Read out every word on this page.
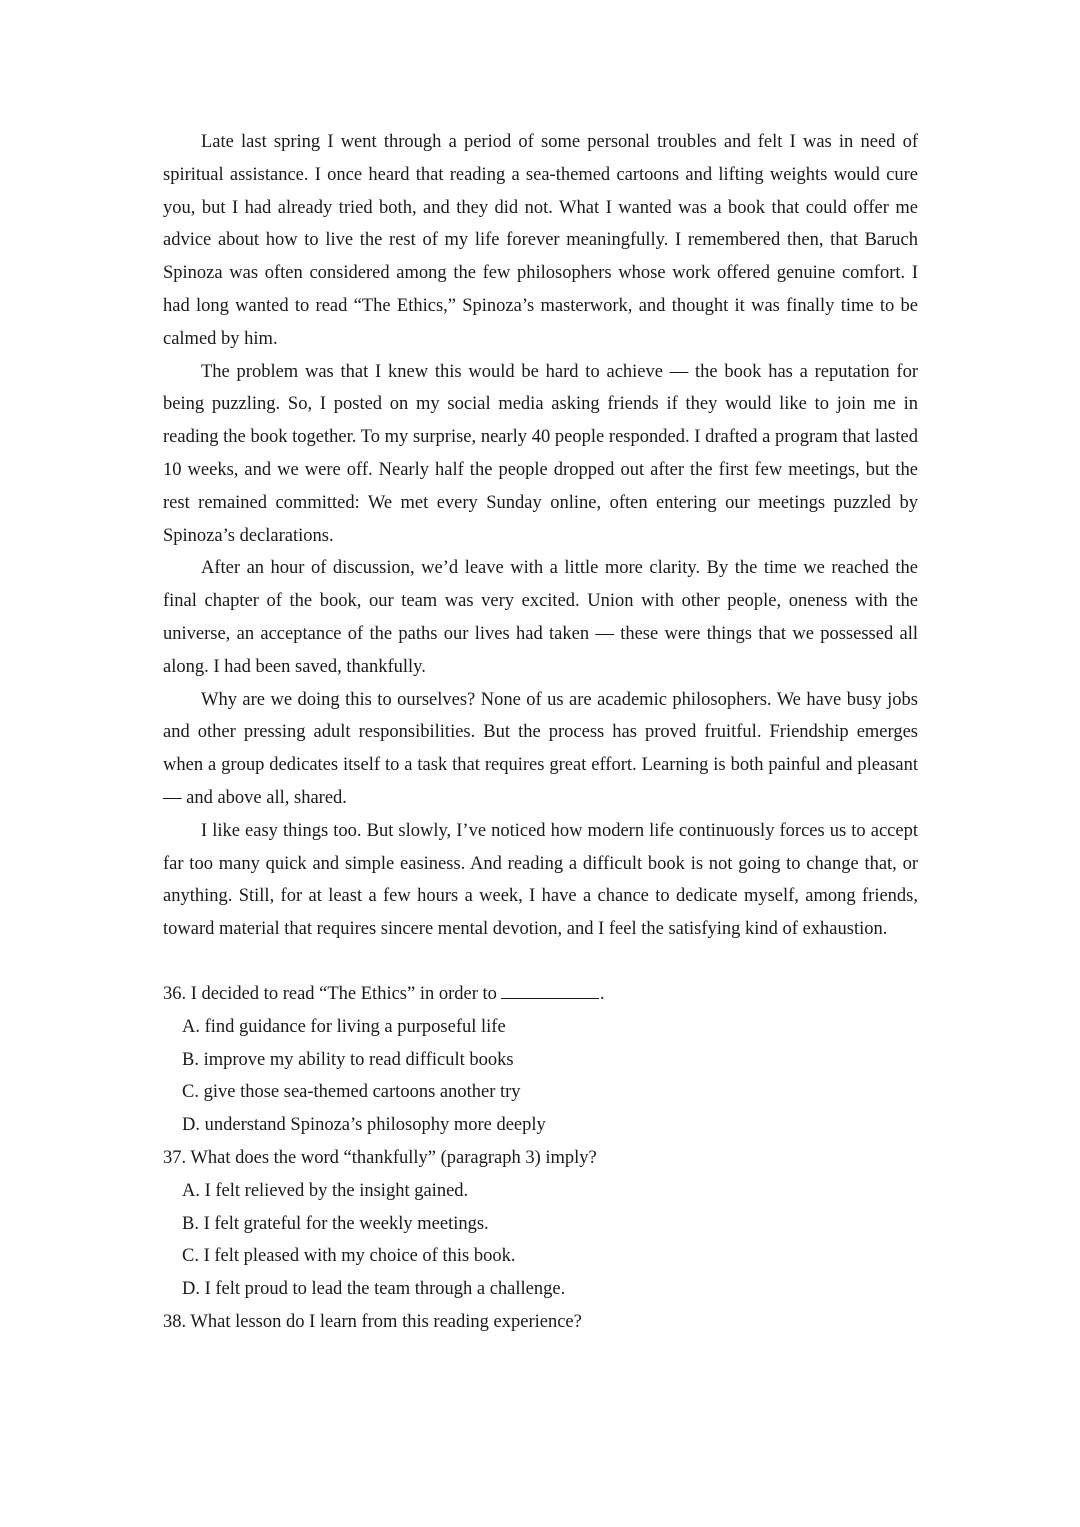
Late last spring I went through a period of some personal troubles and felt I was in need of spiritual assistance. I once heard that reading a sea-themed cartoons and lifting weights would cure you, but I had already tried both, and they did not. What I wanted was a book that could offer me advice about how to live the rest of my life forever meaningfully. I remembered then, that Baruch Spinoza was often considered among the few philosophers whose work offered genuine comfort. I had long wanted to read “The Ethics,” Spinoza’s masterwork, and thought it was finally time to be calmed by him.

The problem was that I knew this would be hard to achieve — the book has a reputation for being puzzling. So, I posted on my social media asking friends if they would like to join me in reading the book together. To my surprise, nearly 40 people responded. I drafted a program that lasted 10 weeks, and we were off. Nearly half the people dropped out after the first few meetings, but the rest remained committed: We met every Sunday online, often entering our meetings puzzled by Spinoza’s declarations.

After an hour of discussion, we’d leave with a little more clarity. By the time we reached the final chapter of the book, our team was very excited. Union with other people, oneness with the universe, an acceptance of the paths our lives had taken — these were things that we possessed all along. I had been saved, thankfully.

Why are we doing this to ourselves? None of us are academic philosophers. We have busy jobs and other pressing adult responsibilities. But the process has proved fruitful. Friendship emerges when a group dedicates itself to a task that requires great effort. Learning is both painful and pleasant — and above all, shared.

I like easy things too. But slowly, I’ve noticed how modern life continuously forces us to accept far too many quick and simple easiness. And reading a difficult book is not going to change that, or anything. Still, for at least a few hours a week, I have a chance to dedicate myself, among friends, toward material that requires sincere mental devotion, and I feel the satisfying kind of exhaustion.

36. I decided to read “The Ethics” in order to	.

A. find guidance for living a purposeful life

B. improve my ability to read difficult books

C. give those sea-themed cartoons another try

D. understand Spinoza’s philosophy more deeply

37. What does the word “thankfully” (paragraph 3) imply?

A. I felt relieved by the insight gained.

B. I felt grateful for the weekly meetings.

C. I felt pleased with my choice of this book.

D. I felt proud to lead the team through a challenge.

38. What lesson do I learn from this reading experience?
